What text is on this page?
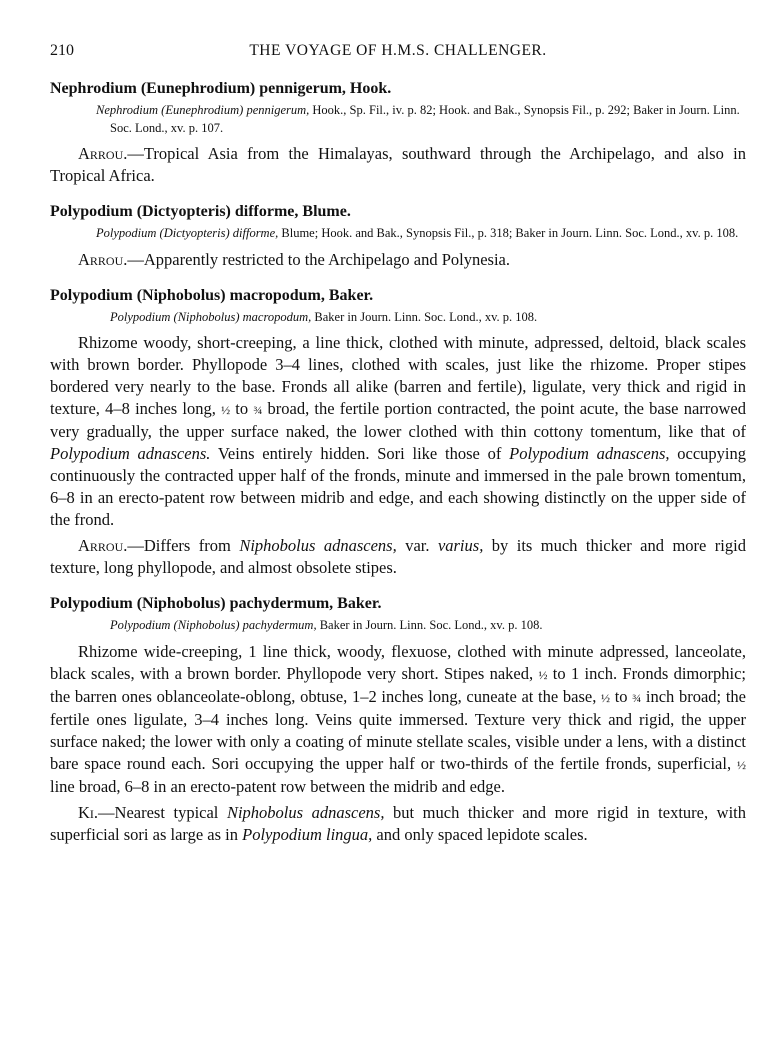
210	THE VOYAGE OF H.M.S. CHALLENGER.

Nephrodium (Eunephrodium) pennigerum, Hook.

Nephrodium (Eunephrodium) pennigerum, Hook., Sp. Fil., iv. p. 82; Hook. and Bak., Synopsis Fil., p. 292; Baker in Journ. Linn. Soc. Lond., xv. p. 107.

Arrou.—Tropical Asia from the Himalayas, southward through the Archipelago, and also in Tropical Africa.

Polypodium (Dictyopteris) difforme, Blume.

Polypodium (Dictyopteris) difforme, Blume; Hook. and Bak., Synopsis Fil., p. 318; Baker in Journ. Linn. Soc. Lond., xv. p. 108.

Arrou.—Apparently restricted to the Archipelago and Polynesia.

Polypodium (Niphobolus) macropodum, Baker.

Polypodium (Niphobolus) macropodum, Baker in Journ. Linn. Soc. Lond., xv. p. 108.

Rhizome woody, short-creeping, a line thick, clothed with minute, adpressed, deltoid, black scales with brown border. Phyllopode 3–4 lines, clothed with scales, just like the rhizome. Proper stipes bordered very nearly to the base. Fronds all alike (barren and fertile), ligulate, very thick and rigid in texture, 4–8 inches long, ½ to ¾ broad, the fertile portion contracted, the point acute, the base narrowed very gradually, the upper surface naked, the lower clothed with thin cottony tomentum, like that of Polypodium adnascens. Veins entirely hidden. Sori like those of Polypodium adnascens, occupying continuously the contracted upper half of the fronds, minute and immersed in the pale brown tomentum, 6–8 in an erecto-patent row between midrib and edge, and each showing distinctly on the upper side of the frond.

Arrou.—Differs from Niphobolus adnascens, var. varius, by its much thicker and more rigid texture, long phyllopode, and almost obsolete stipes.

Polypodium (Niphobolus) pachydermum, Baker.

Polypodium (Niphobolus) pachydermum, Baker in Journ. Linn. Soc. Lond., xv. p. 108.

Rhizome wide-creeping, 1 line thick, woody, flexuose, clothed with minute adpressed, lanceolate, black scales, with a brown border. Phyllopode very short. Stipes naked, ½ to 1 inch. Fronds dimorphic; the barren ones oblanceolate-oblong, obtuse, 1–2 inches long, cuneate at the base, ½ to ¾ inch broad; the fertile ones ligulate, 3–4 inches long. Veins quite immersed. Texture very thick and rigid, the upper surface naked; the lower with only a coating of minute stellate scales, visible under a lens, with a distinct bare space round each. Sori occupying the upper half or two-thirds of the fertile fronds, superficial, ½ line broad, 6–8 in an erecto-patent row between the midrib and edge.

Ki.—Nearest typical Niphobolus adnascens, but much thicker and more rigid in texture, with superficial sori as large as in Polypodium lingua, and only spaced lepidote scales.
